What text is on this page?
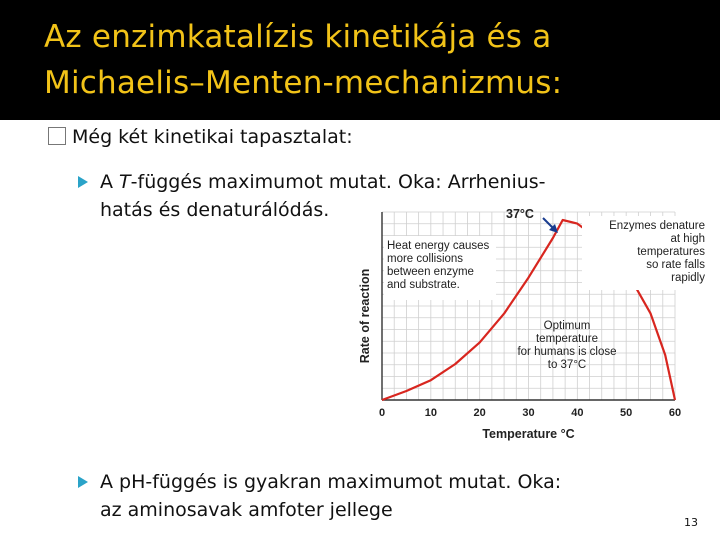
Az enzimkatalízis kinetikája és a
Michaelis–Menten-mechanizmus:
Még két kinetikai tapasztalat:
A T-függés maximumot mutat. Oka: Arrhenius-
hatás és denaturálódás.
0	10	20	30	40	50	60
Temperature °C
Rate of reaction
Heat energy causes more collisions between enzyme and substrate.
Enzymes denature at high temperatures so rate falls rapidly
Optimum temperature for humans is close to 37°C
37°C
A pH-függés is gyakran maximumot mutat. Oka:
az aminosavak amfoter jellege
13
